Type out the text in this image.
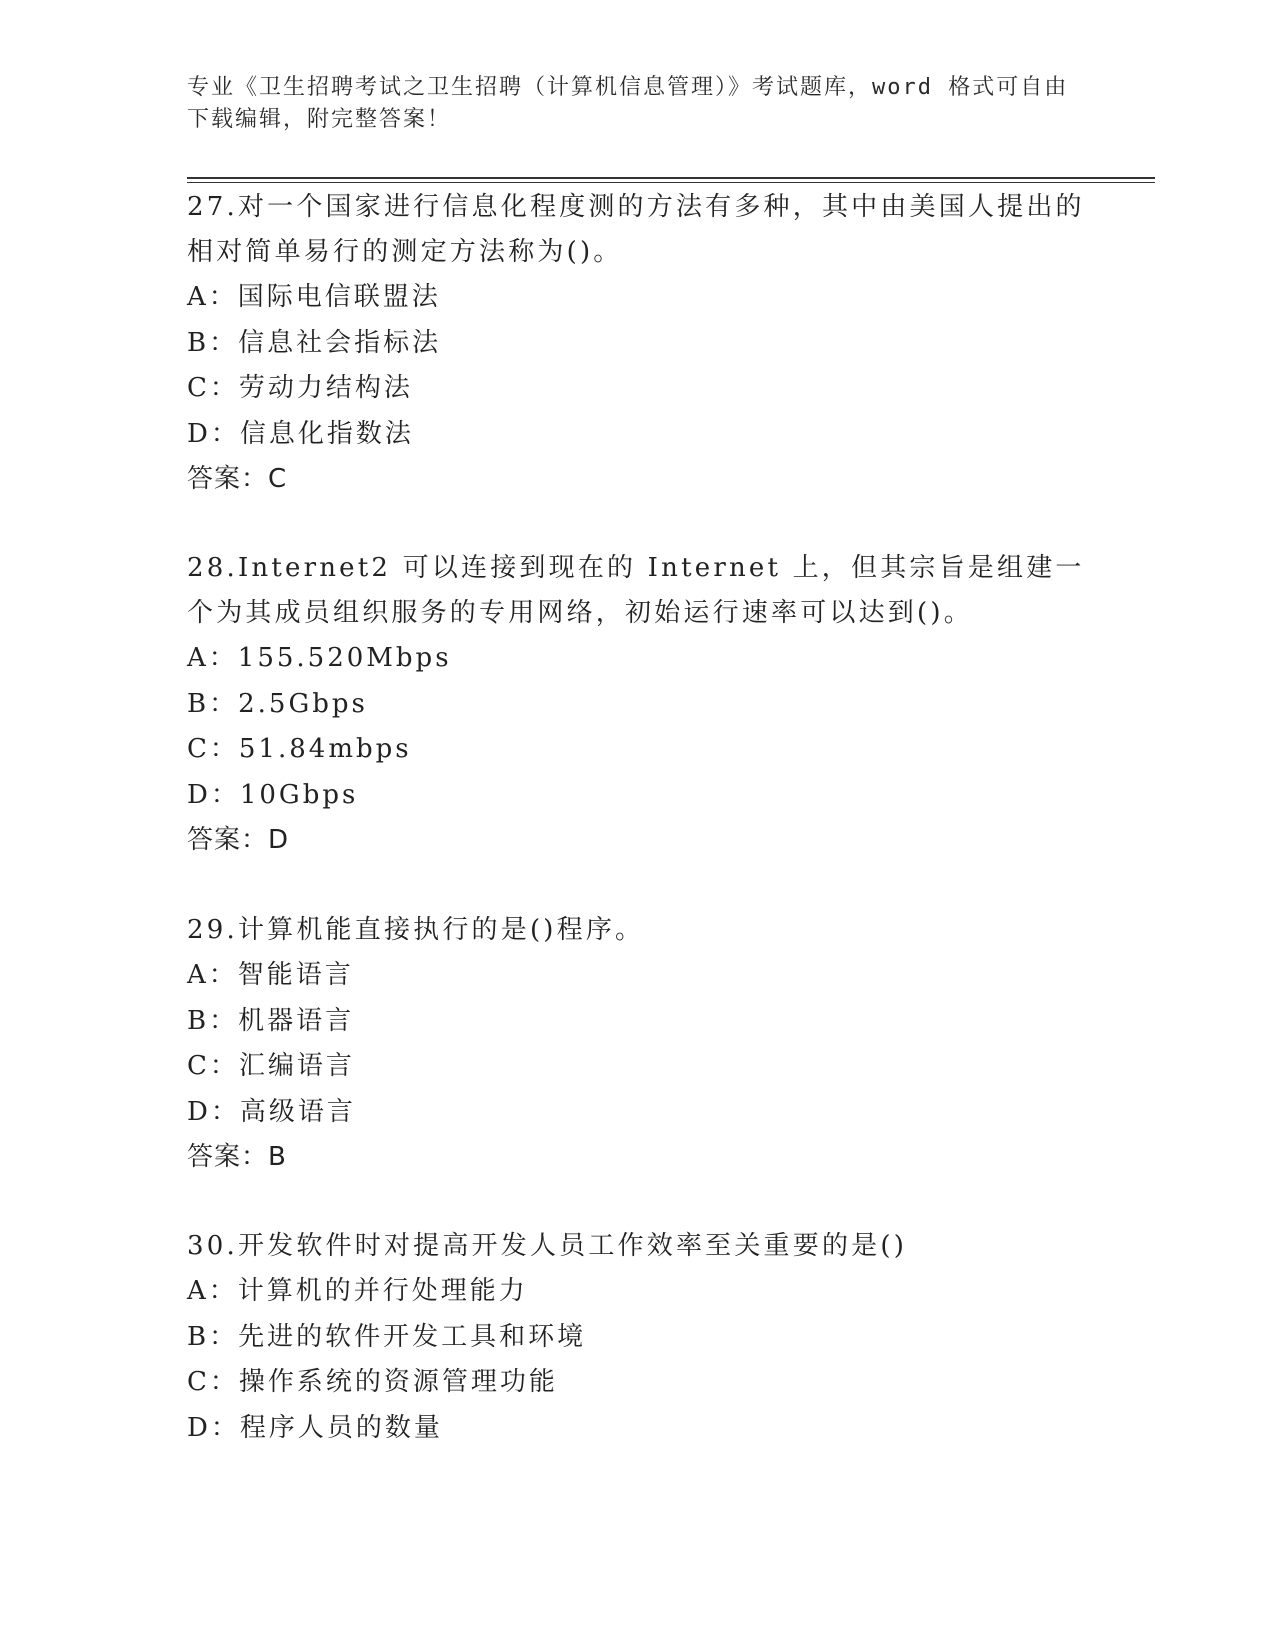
专业《卫生招聘考试之卫生招聘（计算机信息管理）》考试题库，word 格式可自由下载编辑，附完整答案！

27.对一个国家进行信息化程度测的方法有多种，其中由美国人提出的相对简单易行的测定方法称为()。

A：国际电信联盟法

B：信息社会指标法

C：劳动力结构法

D：信息化指数法

答案：C

28.Internet2 可以连接到现在的 Internet 上，但其宗旨是组建一个为其成员组织服务的专用网络，初始运行速率可以达到()。

A：155.520Mbps

B：2.5Gbps

C：51.84mbps

D：10Gbps

答案：D

29.计算机能直接执行的是()程序。

A：智能语言

B：机器语言

C：汇编语言

D：高级语言

答案：B

30.开发软件时对提高开发人员工作效率至关重要的是()

A：计算机的并行处理能力

B：先进的软件开发工具和环境

C：操作系统的资源管理功能

D：程序人员的数量
